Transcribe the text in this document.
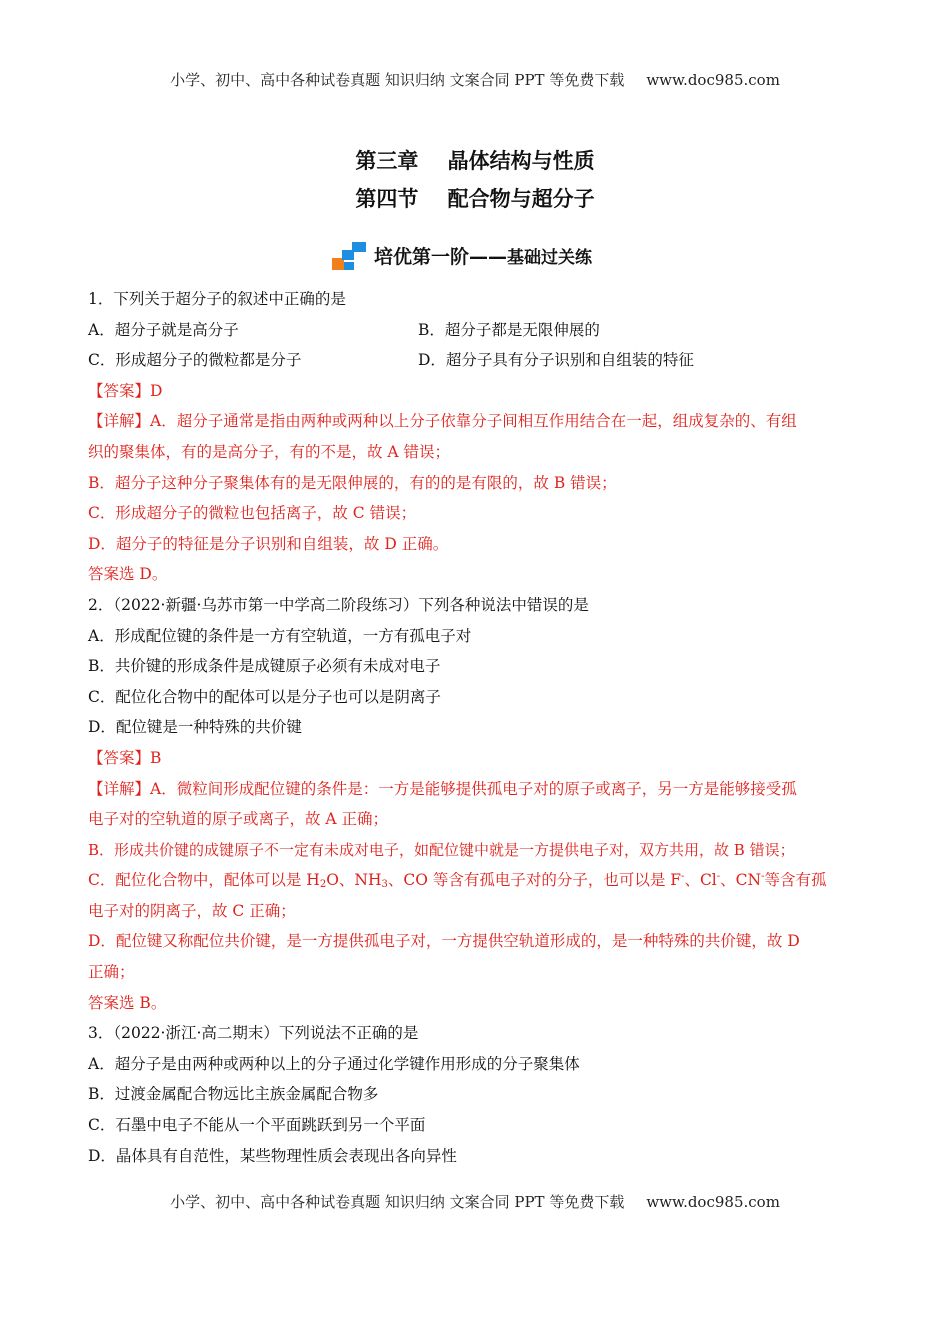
小学、初中、高中各种试卷真题 知识归纳 文案合同 PPT 等免费下载 www.doc985.com
第三章    晶体结构与性质
第四节    配合物与超分子
培优第一阶——基础过关练
1．下列关于超分子的叙述中正确的是
A．超分子就是高分子	B．超分子都是无限伸展的
C．形成超分子的微粒都是分子	D．超分子具有分子识别和自组装的特征
【答案】D
【详解】A．超分子通常是指由两种或两种以上分子依靠分子间相互作用结合在一起，组成复杂的、有组
织的聚集体，有的是高分子，有的不是，故 A 错误；
B．超分子这种分子聚集体有的是无限伸展的，有的的是有限的，故 B 错误；
C．形成超分子的微粒也包括离子，故 C 错误；
D．超分子的特征是分子识别和自组装，故 D 正确。
答案选 D。
2．（2022·新疆·乌苏市第一中学高二阶段练习）下列各种说法中错误的是
A．形成配位键的条件是一方有空轨道，一方有孤电子对
B．共价键的形成条件是成键原子必须有未成对电子
C．配位化合物中的配体可以是分子也可以是阴离子
D．配位键是一种特殊的共价键
【答案】B
【详解】A．微粒间形成配位键的条件是：一方是能够提供孤电子对的原子或离子，另一方是能够接受孤
电子对的空轨道的原子或离子，故 A 正确；
B．形成共价键的成键原子不一定有未成对电子，如配位键中就是一方提供电子对，双方共用，故 B 错误；
C．配位化合物中，配体可以是 $H_2O$、$NH_3$、CO 等含有孤电子对的分子，也可以是 F-、Cl-、CN-等含有孤
电子对的阴离子，故 C 正确；
D．配位键又称配位共价键，是一方提供孤电子对，一方提供空轨道形成的，是一种特殊的共价键，故 D
正确；
答案选 B。
3．（2022·浙江·高二期末）下列说法不正确的是
A．超分子是由两种或两种以上的分子通过化学键作用形成的分子聚集体
B．过渡金属配合物远比主族金属配合物多
C．石墨中电子不能从一个平面跳跃到另一个平面
D．晶体具有自范性，某些物理性质会表现出各向异性
小学、初中、高中各种试卷真题 知识归纳 文案合同 PPT 等免费下载 www.doc985.com
